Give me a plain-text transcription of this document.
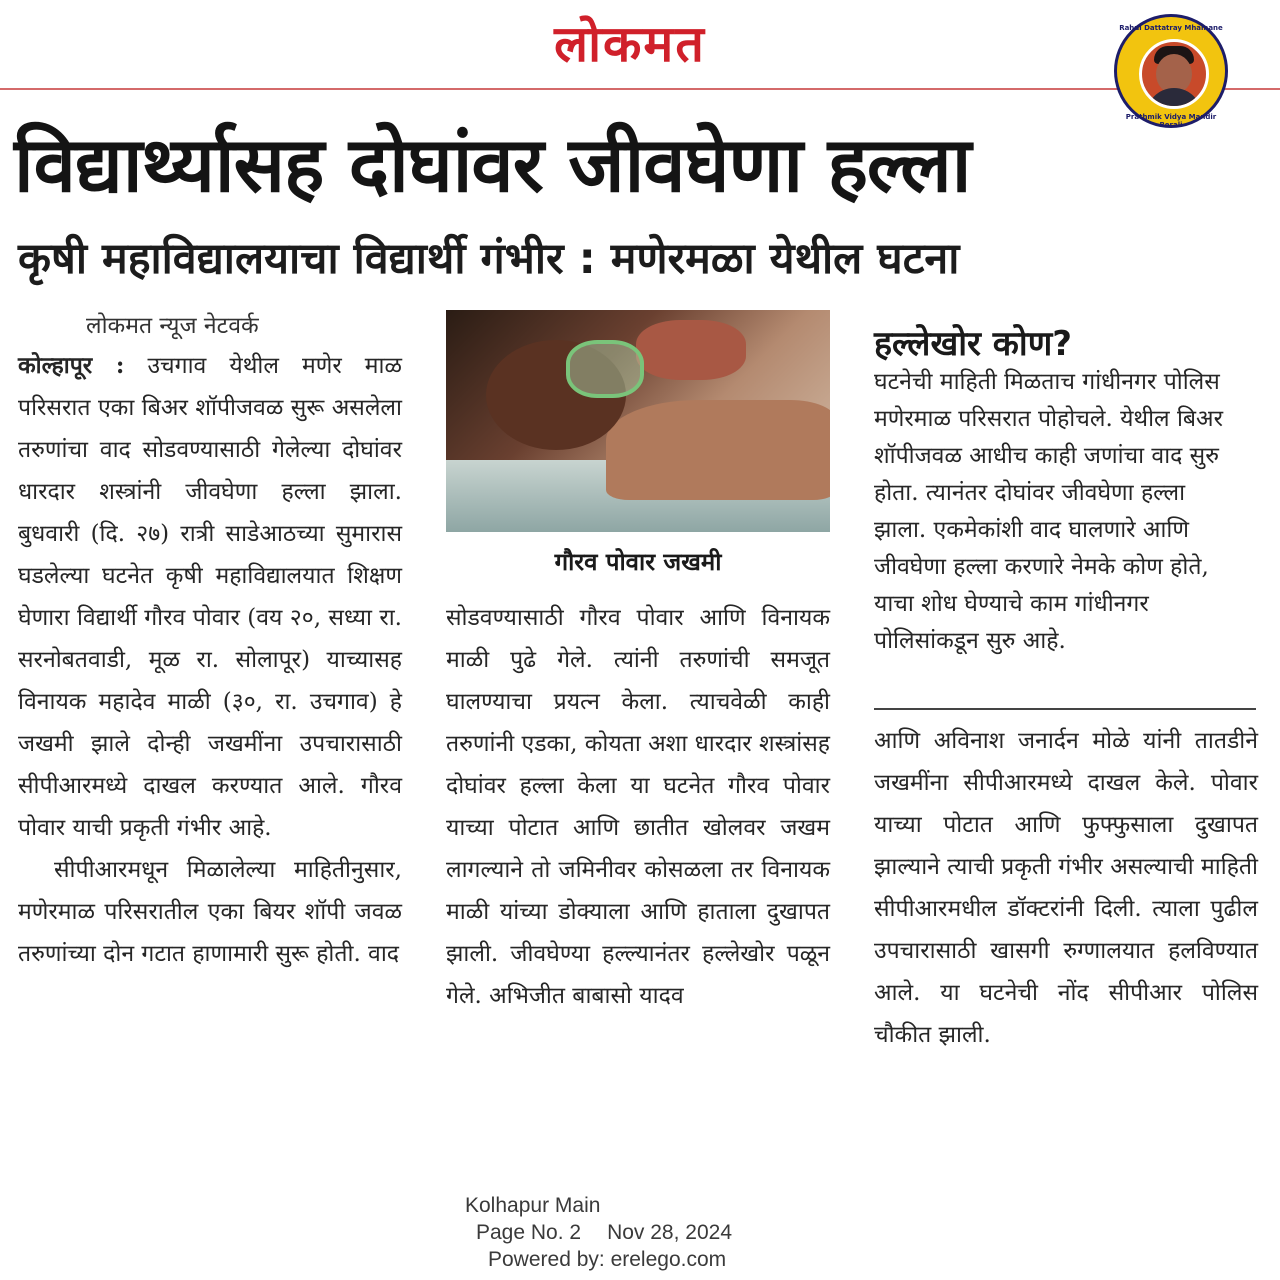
लोकमत	Rahul Dattatray Mhamane
Prathmik Vidya Mandir Berali
विद्यार्थ्यासह दोघांवर जीवघेणा हल्ला
कृषी महाविद्यालयाचा विद्यार्थी गंभीर : मणेरमळा येथील घटना
लोकमत न्यूज नेटवर्क

कोल्हापूर : उचगाव येथील मणेर माळ परिसरात एका बिअर शॉपीजवळ सुरू असलेला तरुणांचा वाद सोडवण्यासाठी गेलेल्या दोघांवर धारदार शस्त्रांनी जीवघेणा हल्ला झाला. बुधवारी (दि. २७) रात्री साडेआठच्या सुमारास घडलेल्या घटनेत कृषी महाविद्यालयात शिक्षण घेणारा विद्यार्थी गौरव पोवार (वय २०, सध्या रा. सरनोबतवाडी, मूळ रा. सोलापूर) याच्यासह विनायक महादेव माळी (३०, रा. उचगाव) हे जखमी झाले दोन्ही जखमींना उपचारासाठी सीपीआरमध्ये दाखल करण्यात आले. गौरव पोवार याची प्रकृती गंभीर आहे.

सीपीआरमधून मिळालेल्या माहितीनुसार, मणेरमाळ परिसरातील एका बियर शॉपी जवळ तरुणांच्या दोन गटात हाणामारी सुरू होती. वाद

गौरव पोवार जखमी

सोडवण्यासाठी गौरव पोवार आणि विनायक माळी पुढे गेले. त्यांनी तरुणांची समजूत घालण्याचा प्रयत्न केला. त्याचवेळी काही तरुणांनी एडका, कोयता अशा धारदार शस्त्रांसह दोघांवर हल्ला केला या घटनेत गौरव पोवार याच्या पोटात आणि छातीत खोलवर जखम लागल्याने तो जमिनीवर कोसळला तर विनायक माळी यांच्या डोक्याला आणि हाताला दुखापत झाली. जीवघेण्या हल्ल्यानंतर हल्लेखोर पळून गेले. अभिजीत बाबासो यादव

हल्लेखोर कोण?

घटनेची माहिती मिळताच गांधीनगर पोलिस मणेरमाळ परिसरात पोहोचले. येथील बिअर शॉपीजवळ आधीच काही जणांचा वाद सुरु होता. त्यानंतर दोघांवर जीवघेणा हल्ला झाला. एकमेकांशी वाद घालणारे आणि जीवघेणा हल्ला करणारे नेमके कोण होते, याचा शोध घेण्याचे काम गांधीनगर पोलिसांकडून सुरु आहे.

आणि अविनाश जनार्दन मोळे यांनी तातडीने जखमींना सीपीआरमध्ये दाखल केले. पोवार याच्या पोटात आणि फुफ्फुसाला दुखापत झाल्याने त्याची प्रकृती गंभीर असल्याची माहिती सीपीआरमधील डॉक्टरांनी दिली. त्याला पुढील उपचारासाठी खासगी रुग्णालयात हलविण्यात आले. या घटनेची नोंद सीपीआर पोलिस चौकीत झाली.

Kolhapur Main
Page No. 2 Nov 28, 2024
Powered by: erelego.com
